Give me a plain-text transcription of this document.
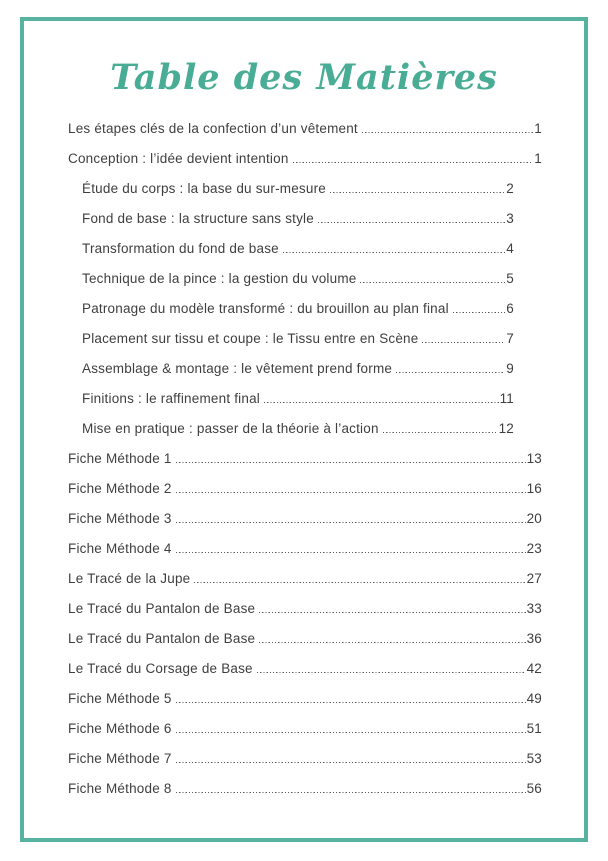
Table des Matières
Les étapes clés de la confection d’un vêtement	1
Conception : l’idée devient intention	1
Étude du corps : la base du sur-mesure	2
Fond de base : la structure sans style	3
Transformation du fond de base	4
Technique de la pince : la gestion du volume	5
Patronage du modèle transformé : du brouillon au plan final	6
Placement sur tissu et coupe : le Tissu entre en Scène	7
Assemblage & montage : le vêtement prend forme	9
Finitions : le raffinement final	11
Mise en pratique : passer de la théorie à l’action	12
Fiche Méthode 1	13
Fiche Méthode 2	16
Fiche Méthode 3	20
Fiche Méthode 4	23
Le Tracé de la Jupe	27
Le Tracé du Pantalon de Base	33
Le Tracé du Pantalon de Base	36
Le Tracé du Corsage de Base	42
Fiche Méthode 5	49
Fiche Méthode 6	51
Fiche Méthode 7	53
Fiche Méthode 8	56
